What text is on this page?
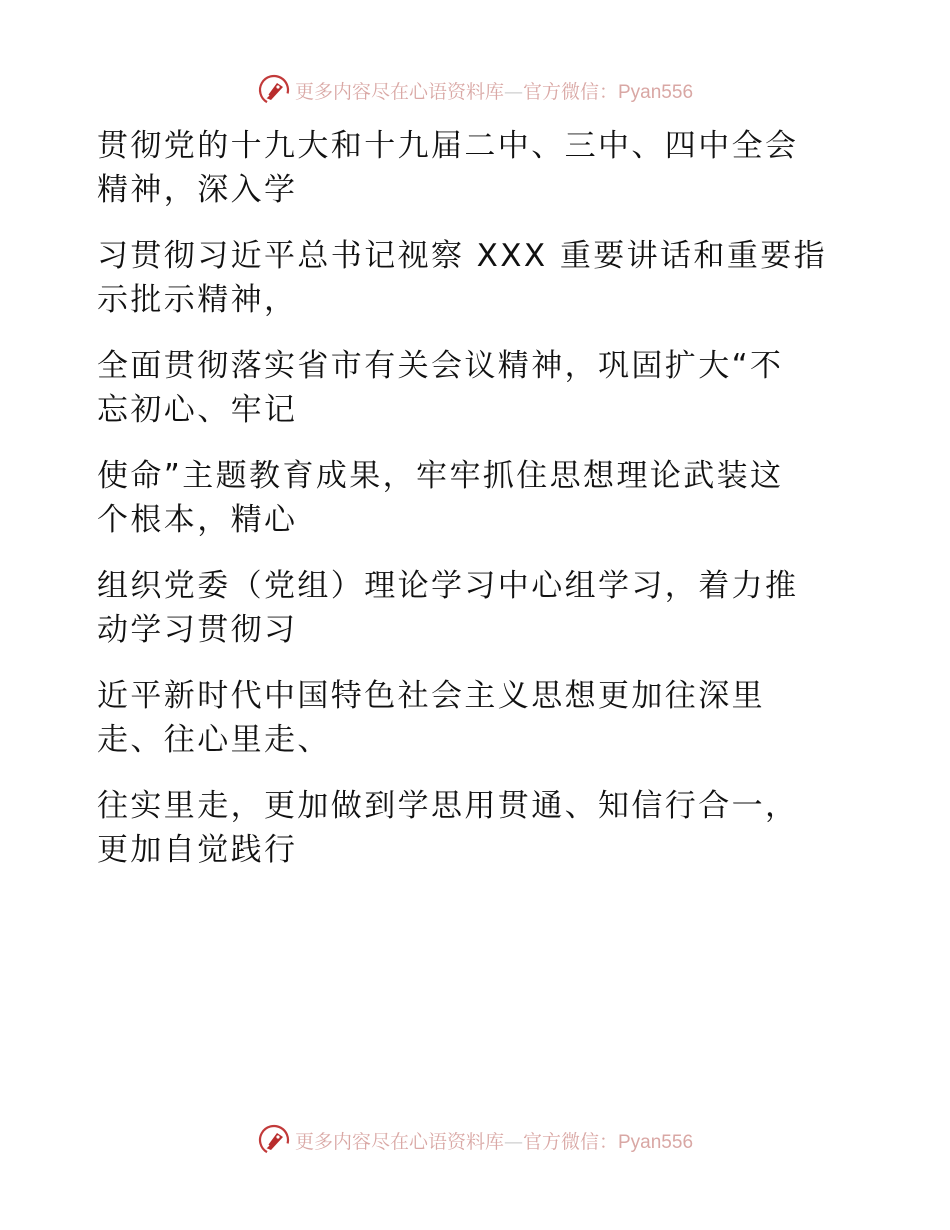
更多内容尽在心语资料库—官方微信：Pyan556

贯彻党的十九大和十九届二中、三中、四中全会
精神，深入学

习贯彻习近平总书记视察 XXX 重要讲话和重要指
示批示精神，

全面贯彻落实省市有关会议精神，巩固扩大“不
忘初心、牢记

使命”主题教育成果，牢牢抓住思想理论武装这
个根本，精心

组织党委（党组）理论学习中心组学习，着力推
动学习贯彻习

近平新时代中国特色社会主义思想更加往深里
走、往心里走、

往实里走，更加做到学思用贯通、知信行合一，
更加自觉践行

更多内容尽在心语资料库—官方微信：Pyan556
